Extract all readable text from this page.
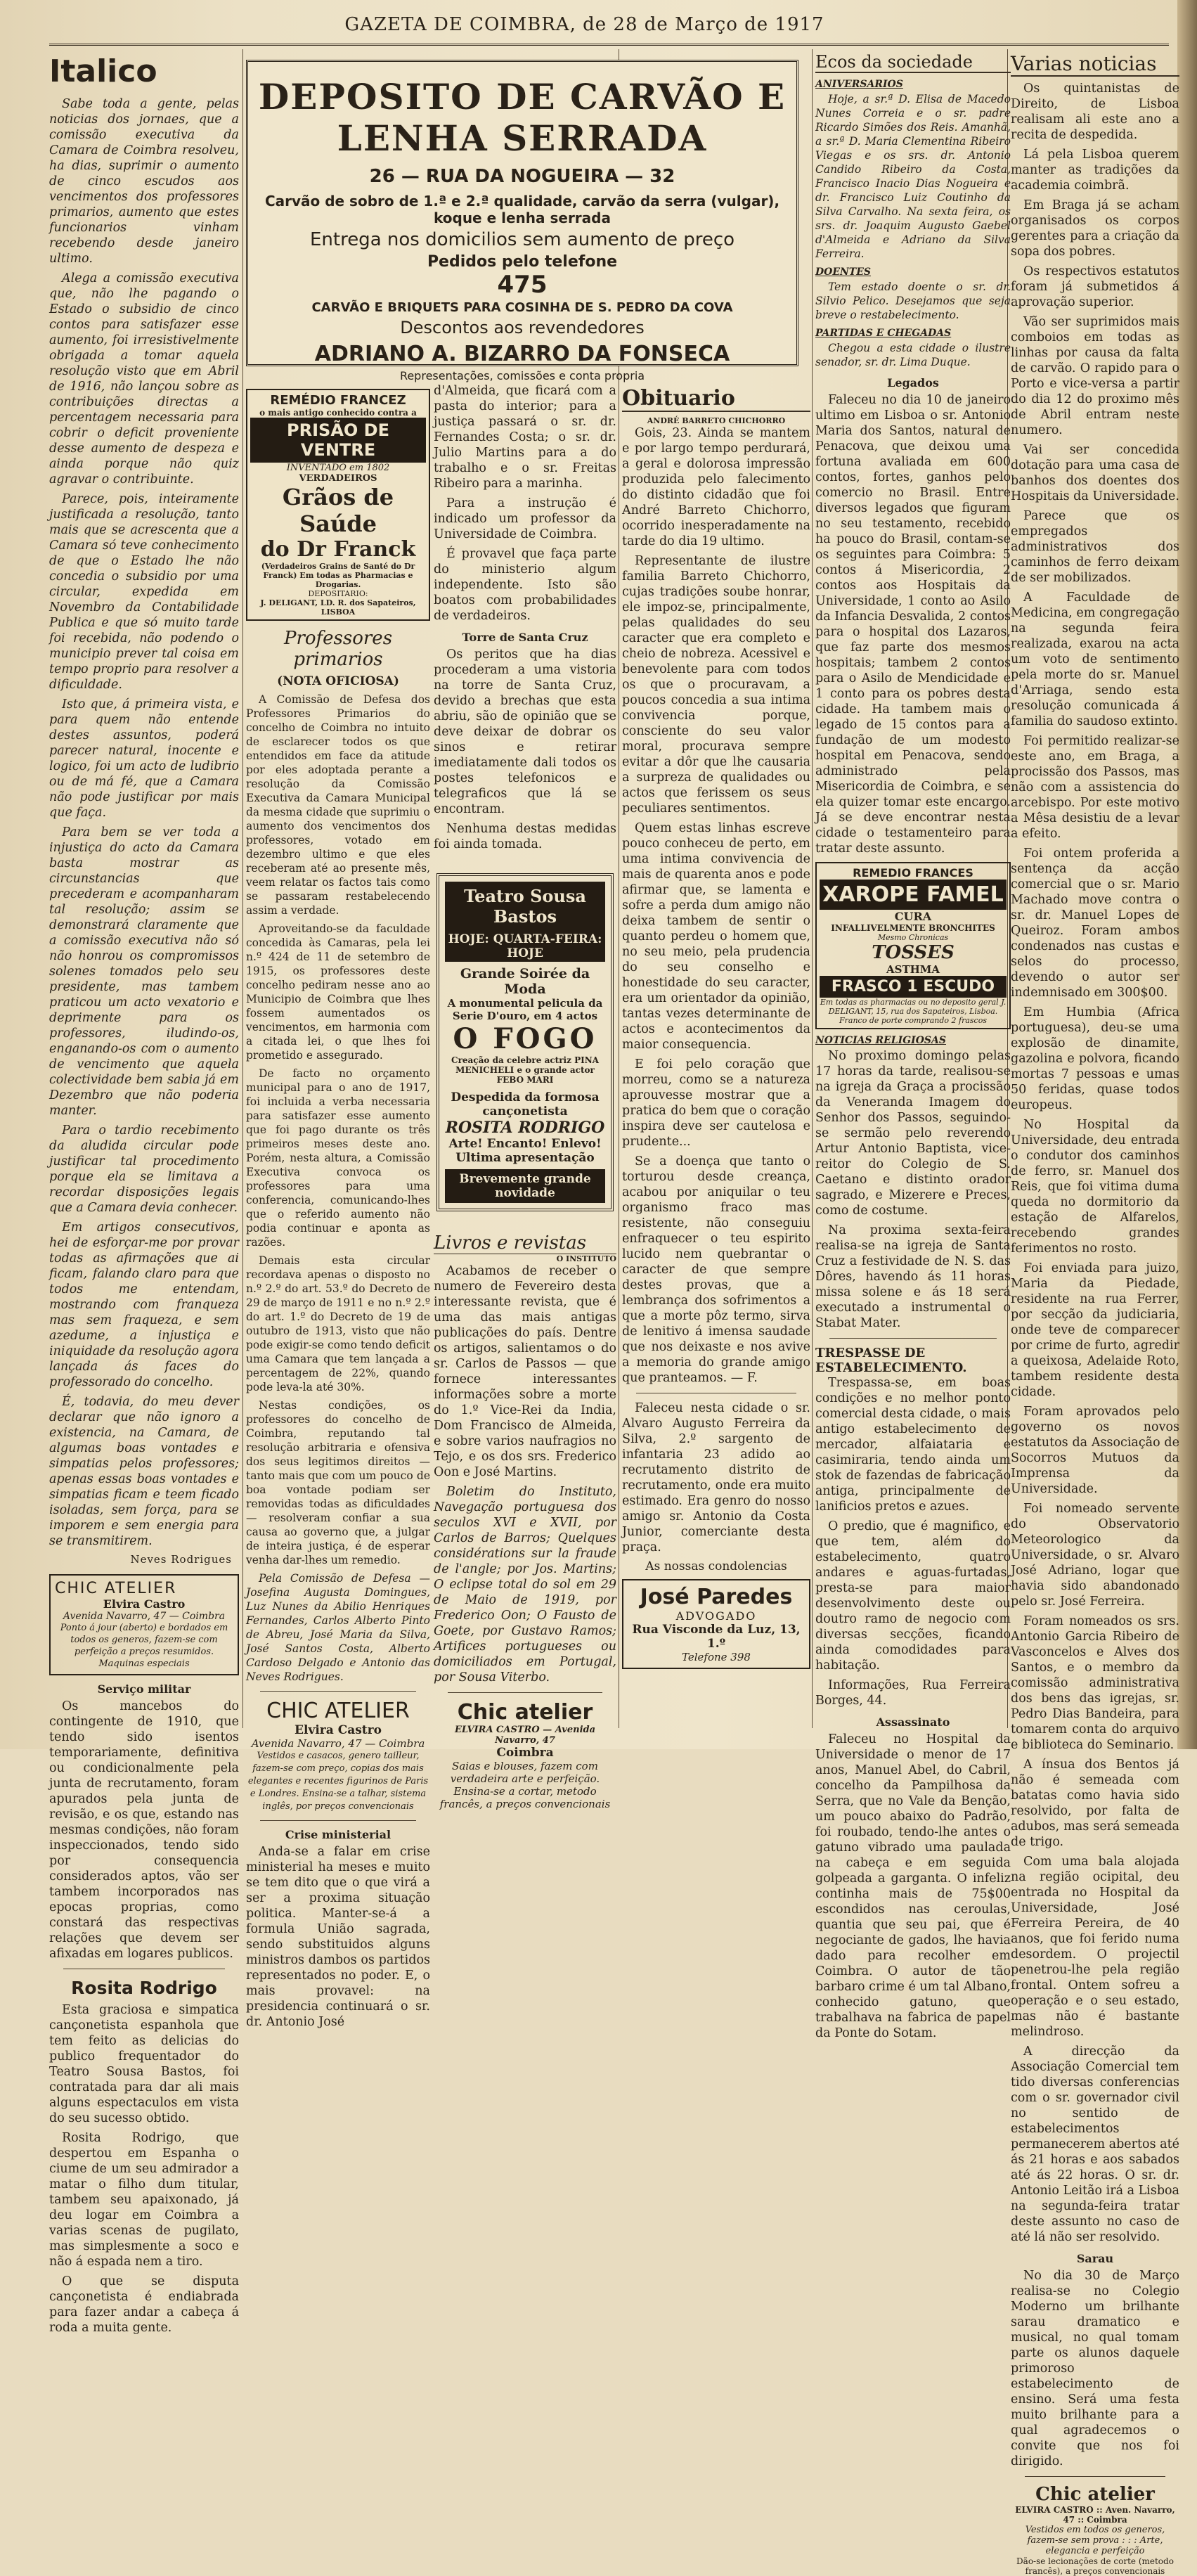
GAZETA DE COIMBRA, de 28 de Março de 1917
Italico

Sabe toda a gente, pelas noticias dos jornaes, que a comissão executiva da Camara de Coimbra resolveu, ha dias, suprimir o aumento de cinco escudos aos vencimentos dos professores primarios, aumento que estes funcionarios vinham recebendo desde janeiro ultimo.

Alega a comissão executiva que, não lhe pagando o Estado o subsidio de cinco contos para satisfazer esse aumento, foi irresistivelmente obrigada a tomar aquela resolução visto que em Abril de 1916, não lançou sobre as contribuições directas a percentagem necessaria para cobrir o deficit proveniente desse aumento de despeza e ainda porque não quiz agravar o contribuinte.

Parece, pois, inteiramente justificada a resolução, tanto mais que se acrescenta que a Camara só teve conhecimento de que o Estado lhe não concedia o subsidio por uma circular, expedida em Novembro da Contabilidade Publica e que só muito tarde foi recebida, não podendo o municipio prever tal coisa em tempo proprio para resolver a dificuldade.

Isto que, á primeira vista, e para quem não entende destes assuntos, poderá parecer natural, inocente e logico, foi um acto de ludibrio ou de má fé, que a Camara não pode justificar por mais que faça.

Para bem se ver toda a injustiça do acto da Camara basta mostrar as circunstancias que precederam e acompanharam tal resolução; assim se demonstrará claramente que a comissão executiva não só não honrou os compromissos solenes tomados pelo seu presidente, mas tambem praticou um acto vexatorio e deprimente para os professores, iludindo-os, enganando-os com o aumento de vencimento que aquela colectividade bem sabia já em Dezembro que não poderia manter.

Para o tardio recebimento da aludida circular pode justificar tal procedimento porque ela se limitava a recordar disposições legais que a Camara devia conhecer.

Em artigos consecutivos, hei de esforçar-me por provar todas as afirmações que ai ficam, falando claro para que todos me entendam, mostrando com franqueza mas sem fraqueza, e sem azedume, a injustiça e iniquidade da resolução agora lançada ás faces do professorado do concelho.

É, todavia, do meu dever declarar que não ignoro a existencia, na Camara, de algumas boas vontades e simpatias pelos professores; apenas essas boas vontades e simpatias ficam e teem ficado isoladas, sem força, para se imporem e sem energia para se transmitirem.

Neves Rodrigues
CHIC ATELIER
Elvira Castro
Avenida Navarro, 47 — Coimbra
Ponto á jour (aberto) e bordados em todos os generos, fazem-se com perfeição a preços resumidos. Maquinas especiais
Serviço militar

Os mancebos do contingente de 1910, que tendo sido isentos temporariamente, definitiva ou condicionalmente pela junta de recrutamento, foram apurados pela junta de revisão, e os que, estando nas mesmas condições, não foram inspeccionados, tendo sido por consequencia considerados aptos, vão ser tambem incorporados nas epocas proprias, como constará das respectivas relações que devem ser afixadas em logares publicos.

Rosita Rodrigo

Esta graciosa e simpatica cançonetista espanhola que tem feito as delicias do publico frequentador do Teatro Sousa Bastos, foi contratada para dar ali mais alguns espectaculos em vista do seu sucesso obtido.

Rosita Rodrigo, que despertou em Espanha o ciume de um seu admirador a matar o filho dum titular, tambem seu apaixonado, já deu logar em Coimbra a varias scenas de pugilato, mas simplesmente a soco e não á espada nem a tiro.

O que se disputa cançonetista é endiabrada para fazer andar a cabeça á roda a muita gente.

DEPOSITO DE CARVÃO E LENHA SERRADA
26 — RUA DA NOGUEIRA — 32
Carvão de sobro de 1.ª e 2.ª qualidade, carvão da serra (vulgar), koque e lenha serrada
Entrega nos domicilios sem aumento de preço
Pedidos pelo telefone
475
CARVÃO E BRIQUETS PARA COSINHA DE S. PEDRO DA COVA
Descontos aos revendedores
ADRIANO A. BIZARRO DA FONSECA
Representações, comissões e conta propria
REMÉDIO FRANCEZ
o mais antigo conhecido contra a
PRISÃO DE VENTRE
INVENTADO em 1802
VERDADEIROS
Grãos de Saúde
do Dr Franck
(Verdadeiros Grains de Santé do Dr Franck) Em todas as Pharmacias e Drogarias.
DEPOSITARIO:
J. DELIGANT, LD. R. dos Sapateiros, LISBOA
Professores primarios
(NOTA OFICIOSA)

A Comissão de Defesa dos Professores Primarios do concelho de Coimbra no intuito de esclarecer todos os que entendidos em face da atitude por eles adoptada perante a resolução da Comissão Executiva da Camara Municipal da mesma cidade que suprimiu o aumento dos vencimentos dos professores, votado em dezembro ultimo e que eles receberam até ao presente mês, veem relatar os factos tais como se passaram restabelecendo assim a verdade.

Aproveitando-se da faculdade concedida às Camaras, pela lei n.º 424 de 11 de setembro de 1915, os professores deste concelho pediram nesse ano ao Municipio de Coimbra que lhes fossem aumentados os vencimentos, em harmonia com a citada lei, o que lhes foi prometido e assegurado.

De facto no orçamento municipal para o ano de 1917, foi incluida a verba necessaria para satisfazer esse aumento que foi pago durante os três primeiros meses deste ano. Porém, nesta altura, a Comissão Executiva convoca os professores para uma conferencia, comunicando-lhes que o referido aumento não podia continuar e aponta as razões.

Demais esta circular recordava apenas o disposto no n.º 2.º do art. 53.º do Decreto de 29 de março de 1911 e no n.º 2.º do art. 1.º do Decreto de 19 de outubro de 1913, visto que não pode exigir-se como tendo deficit uma Camara que tem lançada a percentagem de 22%, quando pode leva-la até 30%.

Nestas condições, os professores do concelho de Coimbra, reputando tal resolução arbitraria e ofensiva dos seus legitimos direitos — tanto mais que com um pouco de boa vontade podiam ser removidas todas as dificuldades — resolveram confiar a sua causa ao governo que, a julgar de inteira justiça, é de esperar venha dar-lhes um remedio.

Pela Comissão de Defesa — Josefina Augusta Domingues, Luz Nunes da Abilio Henriques Fernandes, Carlos Alberto Pinto de Abreu, José Maria da Silva, José Santos Costa, Alberto Cardoso Delgado e Antonio das Neves Rodrigues.

CHIC ATELIER
Elvira Castro
Avenida Navarro, 47 — Coimbra
Vestidos e casacos, genero tailleur, fazem-se com preço, copias dos mais elegantes e recentes figurinos de Paris e Londres. Ensina-se a talhar, sistema inglês, por preços convencionais
Crise ministerial

Anda-se a falar em crise ministerial ha meses e muito se tem dito que o que virá a ser a proxima situação politica. Manter-se-á a formula União sagrada, sendo substituidos alguns ministros dambos os partidos representados no poder. E, o mais provavel: na presidencia continuará o sr. dr. Antonio José

d'Almeida, que ficará com a pasta do interior; para a justiça passará o sr. dr. Fernandes Costa; o sr. dr. Julio Martins para a do trabalho e o sr. Freitas Ribeiro para a marinha.

Para a instrução é indicado um professor da Universidade de Coimbra.

É provavel que faça parte do ministerio algum independente. Isto são boatos com probabilidades de verdadeiros.

Torre de Santa Cruz

Os peritos que ha dias procederam a uma vistoria na torre de Santa Cruz, devido a brechas que esta abriu, são de opinião que se deve deixar de dobrar os sinos e retirar imediatamente dali todos os postes telefonicos e telegraficos que lá se encontram.

Nenhuma destas medidas foi ainda tomada.

Teatro Sousa Bastos
HOJE: QUARTA-FEIRA: HOJE
Grande Soirée da Moda
A monumental pelicula da Serie D'ouro, em 4 actos
O FOGO
Creação da celebre actriz PINA MENICHELI e o grande actor FEBO MARI
Despedida da formosa cançonetista
ROSITA RODRIGO
Arte! Encanto! Enlevo!
Ultima apresentação
Brevemente grande novidade
Livros e revistas
O INSTITUTO

Acabamos de receber o numero de Fevereiro desta interessante revista, que é uma das mais antigas publicações do país. Dentre os artigos, salientamos o do sr. Carlos de Passos — que fornece interessantes informações sobre a morte do 1.º Vice-Rei da India, Dom Francisco de Almeida, e sobre varios naufragios no Tejo, e os dos srs. Frederico Oon e José Martins.

Boletim do Instituto, Navegação portuguesa dos seculos XVI e XVII, por Carlos de Barros; Quelques considérations sur la fraude de l'angle; por Jos. Martins; O eclipse total do sol em 29 de Maio de 1919, por Frederico Oon; O Fausto de Goete, por Gustavo Ramos; Artifices portugueses ou domiciliados em Portugal, por Sousa Viterbo.

Chic atelier
ELVIRA CASTRO — Avenida Navarro, 47
Coimbra
Saias e blouses, fazem com verdadeira arte e perfeição. Ensina-se a cortar, metodo francês, a preços convencionais
Obituario
ANDRÉ BARRETO CHICHORRO

Gois, 23. Ainda se mantem e por largo tempo perdurará, a geral e dolorosa impressão produzida pelo falecimento do distinto cidadão que foi André Barreto Chichorro, ocorrido inesperadamente na tarde do dia 19 ultimo.

Representante de ilustre familia Barreto Chichorro, cujas tradições soube honrar, ele impoz-se, principalmente, pelas qualidades do seu caracter que era completo e cheio de nobreza. Acessivel e benevolente para com todos os que o procuravam, a poucos concedia a sua intima convivencia porque, consciente do seu valor moral, procurava sempre evitar a dôr que lhe causaria a surpreza de qualidades ou actos que ferissem os seus peculiares sentimentos.

Quem estas linhas escreve pouco conheceu de perto, em uma intima convivencia de mais de quarenta anos e pode afirmar que, se lamenta e sofre a perda dum amigo não deixa tambem de sentir o quanto perdeu o homem que, no seu meio, pela prudencia do seu conselho e honestidade do seu caracter, era um orientador da opinião, tantas vezes determinante de actos e acontecimentos da maior consequencia.

E foi pelo coração que morreu, como se a natureza aprouvesse mostrar que a pratica do bem que o coração inspira deve ser cautelosa e prudente...

Se a doença que tanto o torturou desde creança, acabou por aniquilar o teu organismo fraco mas resistente, não conseguiu enfraquecer o teu espirito lucido nem quebrantar o caracter de que sempre destes provas, que a lembrança dos sofrimentos a que a morte pôz termo, sirva de lenitivo á imensa saudade que nos deixaste e nos avive a memoria do grande amigo que pranteamos. — F.

Faleceu nesta cidade o sr. Alvaro Augusto Ferreira da Silva, 2.º sargento de infantaria 23 adido ao recrutamento distrito de recrutamento, onde era muito estimado. Era genro do nosso amigo sr. Antonio da Costa Junior, comerciante desta praça.

As nossas condolencias
José Paredes
ADVOGADO
Rua Visconde da Luz, 13, 1.º
Telefone 398
Ecos da sociedade
ANIVERSARIOS

Hoje, a sr.ª D. Elisa de Macedo Nunes Correia e o sr. padre Ricardo Simões dos Reis. Amanhã, a sr.ª D. Maria Clementina Ribeiro Viegas e os srs. dr. Antonio Candido Ribeiro da Costa, Francisco Inacio Dias Nogueira e dr. Francisco Luiz Coutinho da Silva Carvalho. Na sexta feira, os srs. dr. Joaquim Augusto Gaebel d'Almeida e Adriano da Silva Ferreira.

DOENTES

Tem estado doente o sr. dr. Silvio Pelico. Desejamos que seja breve o restabelecimento.

PARTIDAS E CHEGADAS

Chegou a esta cidade o ilustre senador, sr. dr. Lima Duque.

Legados

Faleceu no dia 10 de janeiro ultimo em Lisboa o sr. Antonio Maria dos Santos, natural de Penacova, que deixou uma fortuna avaliada em 600 contos, fortes, ganhos pelo comercio no Brasil. Entre diversos legados que figuram no seu testamento, recebido ha pouco do Brasil, contam-se os seguintes para Coimbra: 5 contos á Misericordia, 2 contos aos Hospitais da Universidade, 1 conto ao Asilo da Infancia Desvalida, 2 contos para o hospital dos Lazaros, que faz parte dos mesmos hospitais; tambem 2 contos para o Asilo de Mendicidade e 1 conto para os pobres desta cidade. Ha tambem mais o legado de 15 contos para a fundação de um modesto hospital em Penacova, sendo administrado pela Misericordia de Coimbra, e se ela quizer tomar este encargo. Já se deve encontrar nesta cidade o testamenteiro para tratar deste assunto.

REMEDIO FRANCES
XAROPE FAMEL
CURA
INFALLIVELMENTE BRONCHITES
Mesmo Chronicas
TOSSES
ASTHMA
FRASCO 1 ESCUDO
Em todas as pharmacias ou no deposito geral J. DELIGANT, 15, rua dos Sapateiros, Lisboa. Franco de porte comprando 2 frascos
NOTICIAS RELIGIOSAS

No proximo domingo pelas 17 horas da tarde, realisou-se na igreja da Graça a procissão da Veneranda Imagem do Senhor dos Passos, seguindo-se sermão pelo reverendo Artur Antonio Baptista, vice-reitor do Colegio de S. Caetano e distinto orador sagrado, e Mizerere e Preces, como de costume.

Na proxima sexta-feira realisa-se na igreja de Santa Cruz a festividade de N. S. das Dôres, havendo ás 11 horas missa solene e ás 18 será executado a instrumental o Stabat Mater.

TRESPASSE DE ESTABELECIMENTO.

Trespassa-se, em boas condições e no melhor ponto comercial desta cidade, o mais antigo estabelecimento de mercador, alfaiataria e casimiraria, tendo ainda um stok de fazendas de fabricação antiga, principalmente de lanificios pretos e azues.

O predio, que é magnifico, e que tem, além do estabelecimento, quatro andares e aguas-furtadas, presta-se para maior desenvolvimento deste ou doutro ramo de negocio com diversas secções, ficando ainda comodidades para habitação.

Informações, Rua Ferreira Borges, 44.

Assassinato

Faleceu no Hospital da Universidade o menor de 17 anos, Manuel Abel, do Cabril, concelho da Pampilhosa da Serra, que no Vale da Benção, um pouco abaixo do Padrão, foi roubado, tendo-lhe antes o gatuno vibrado uma paulada na cabeça e em seguida golpeada a garganta. O infeliz continha mais de 75$00 escondidos nas ceroulas, quantia que seu pai, que é negociante de gados, lhe havia dado para recolher em Coimbra. O autor de tão barbaro crime é um tal Albano, conhecido gatuno, que trabalhava na fabrica de papel da Ponte do Sotam.

Varias noticias

Os quintanistas de Direito, de Lisboa realisam ali este ano a recita de despedida.

Lá pela Lisboa querem manter as tradições da academia coimbrã.

Em Braga já se acham organisados os corpos gerentes para a criação da sopa dos pobres.

Os respectivos estatutos foram já submetidos á aprovação superior.

Vão ser suprimidos mais comboios em todas as linhas por causa da falta de carvão. O rapido para o Porto e vice-versa a partir do dia 12 do proximo mês de Abril entram neste numero.

Vai ser concedida dotação para uma casa de banhos dos doentes dos Hospitais da Universidade.

Parece que os empregados administrativos dos caminhos de ferro deixam de ser mobilizados.

A Faculdade de Medicina, em congregação na segunda feira realizada, exarou na acta um voto de sentimento pela morte do sr. Manuel d'Arriaga, sendo esta resolução comunicada á familia do saudoso extinto.

Foi permitido realizar-se este ano, em Braga, a procissão dos Passos, mas não com a assistencia do arcebispo. Por este motivo a Mêsa desistiu de a levar a efeito.

Foi ontem proferida a sentença da acção comercial que o sr. Mario Machado move contra o sr. dr. Manuel Lopes de Queiroz. Foram ambos condenados nas custas e selos do processo, devendo o autor ser indemnisado em 300$00.

Em Humbia (Africa portuguesa), deu-se uma explosão de dinamite, gazolina e polvora, ficando mortas 7 pessoas e umas 50 feridas, quase todos europeus.

No Hospital da Universidade, deu entrada o condutor dos caminhos de ferro, sr. Manuel dos Reis, que foi vitima duma queda no dormitorio da estação de Alfarelos, recebendo grandes ferimentos no rosto.

Foi enviada para juizo, Maria da Piedade, residente na rua Ferrer, por secção da judiciaria, onde teve de comparecer por crime de furto, agredir a queixosa, Adelaide Roto, tambem residente desta cidade.

Foram aprovados pelo governo os novos estatutos da Associação de Socorros Mutuos da Imprensa da Universidade.

Foi nomeado servente do Observatorio Meteorologico da Universidade, o sr. Alvaro José Adriano, logar que havia sido abandonado pelo sr. José Ferreira.

Foram nomeados os srs. Antonio Garcia Ribeiro de Vasconcelos e Alves dos Santos, e o membro da comissão administrativa dos bens das igrejas, sr. Pedro Dias Bandeira, para tomarem conta do arquivo e biblioteca do Seminario.

A ínsua dos Bentos já não é semeada com batatas como havia sido resolvido, por falta de adubos, mas será semeada de trigo.

Com uma bala alojada na região ocipital, deu entrada no Hospital da Universidade, José Ferreira Pereira, de 40 anos, que foi ferido numa desordem. O projectil penetrou-lhe pela região frontal. Ontem sofreu a operação e o seu estado, mas não é bastante melindroso.

A direcção da Associação Comercial tem tido diversas conferencias com o sr. governador civil no sentido de estabelecimentos permanecerem abertos até ás 21 horas e aos sabados até ás 22 horas. O sr. dr. Antonio Leitão irá a Lisboa na segunda-feira tratar deste assunto no caso de até lá não ser resolvido.

Sarau

No dia 30 de Março realisa-se no Colegio Moderno um brilhante sarau dramatico e musical, no qual tomam parte os alunos daquele primoroso estabelecimento de ensino. Será uma festa muito brilhante para a qual agradecemos o convite que nos foi dirigido.

Chic atelier
ELVIRA CASTRO :: Aven. Navarro, 47 :: Coimbra
Vestidos em todos os generos, fazem-se sem prova : : : Arte, elegancia e perfeição
Dão-se lecionações de corte (metodo francês), a preços convencionais
